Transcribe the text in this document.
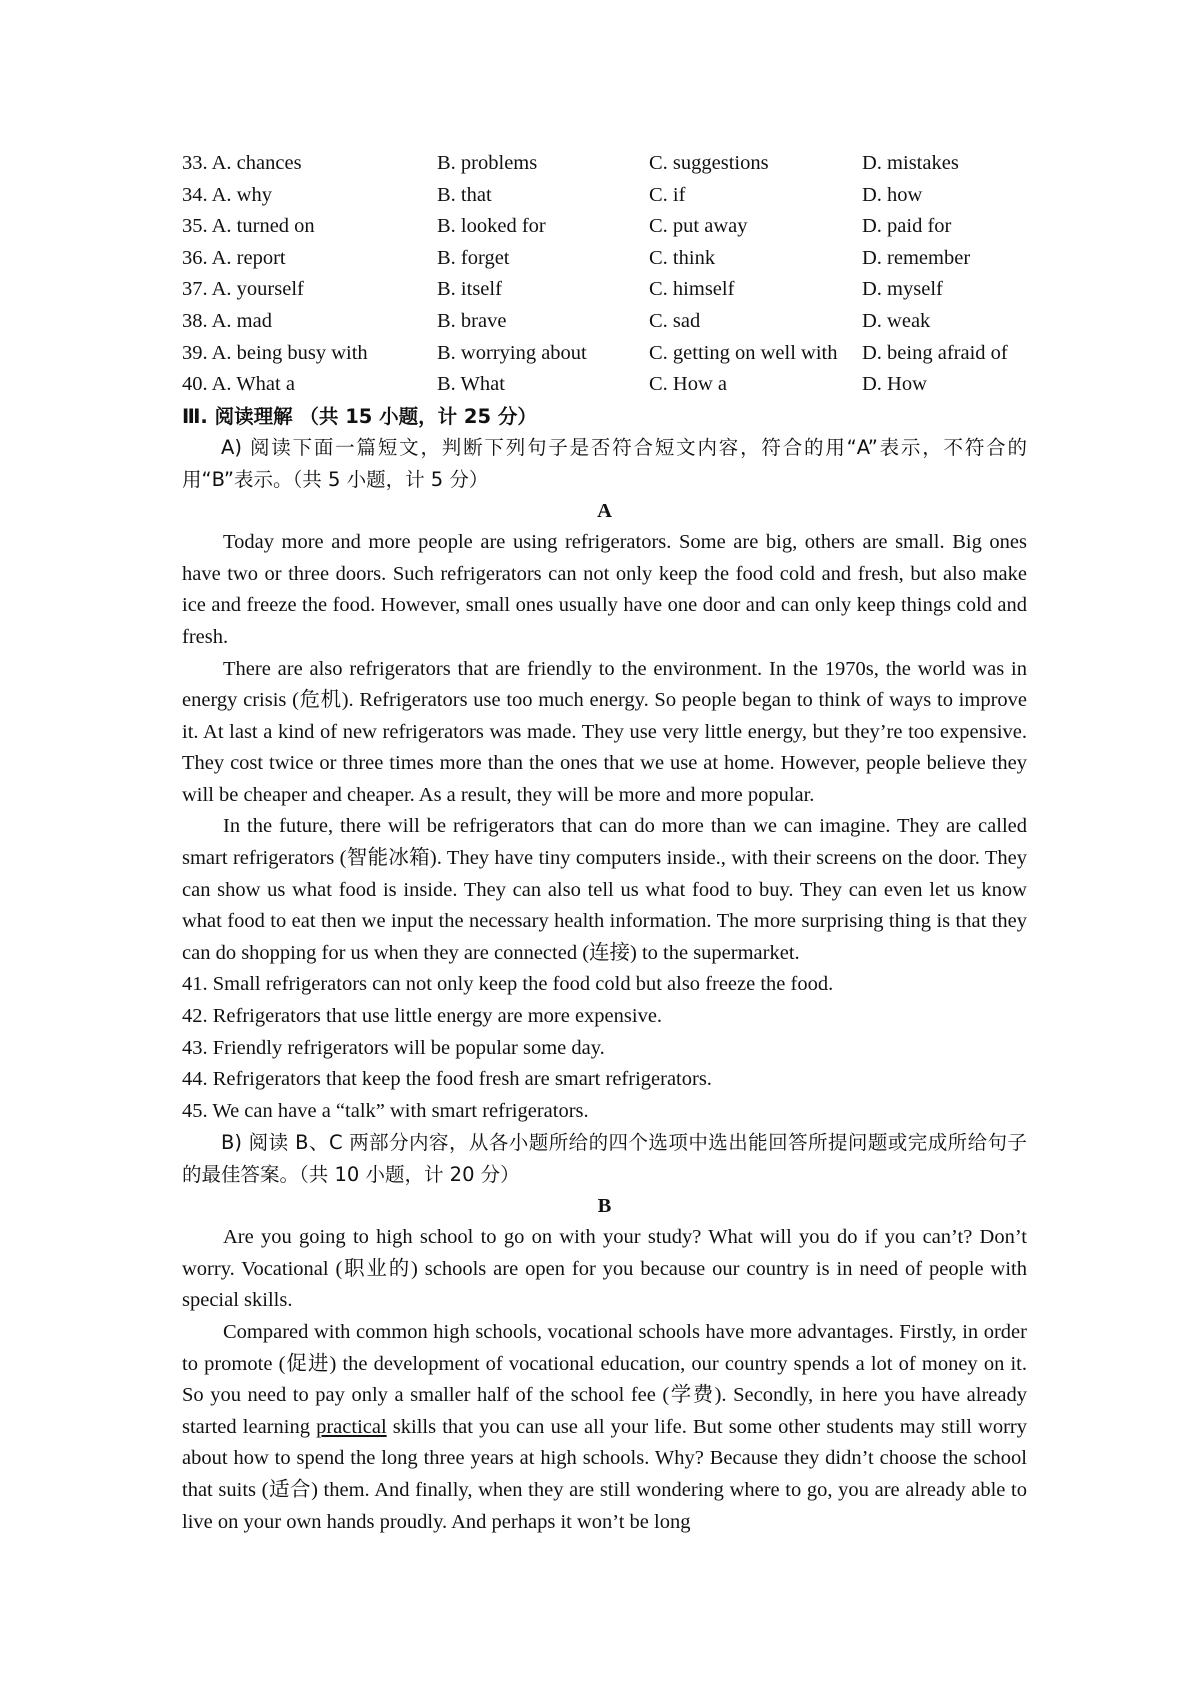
33. A. chances	B. problems	C. suggestions	D. mistakes
34. A. why	B. that	C. if	D. how
35. A. turned on	B. looked for	C. put away	D. paid for
36. A. report	B. forget	C. think	D. remember
37. A. yourself	B. itself	C. himself	D. myself
38. A. mad	B. brave	C. sad	D. weak
39. A. being busy with	B. worrying about	C. getting on well with	D. being afraid of
40. A. What a	B. What	C. How a	D. How
Ⅲ. 阅读理解 （共 15 小题，计 25 分）
A) 阅读下面一篇短文，判断下列句子是否符合短文内容，符合的用“A”表示，不符合的用“B”表示。（共 5 小题，计 5 分）
A

Today more and more people are using refrigerators. Some are big, others are small. Big ones have two or three doors. Such refrigerators can not only keep the food cold and fresh, but also make ice and freeze the food. However, small ones usually have one door and can only keep things cold and fresh.

There are also refrigerators that are friendly to the environment. In the 1970s, the world was in energy crisis (危机). Refrigerators use too much energy. So people began to think of ways to improve it. At last a kind of new refrigerators was made. They use very little energy, but they’re too expensive. They cost twice or three times more than the ones that we use at home. However, people believe they will be cheaper and cheaper. As a result, they will be more and more popular.

In the future, there will be refrigerators that can do more than we can imagine. They are called smart refrigerators (智能冰箱). They have tiny computers inside., with their screens on the door. They can show us what food is inside. They can also tell us what food to buy. They can even let us know what food to eat then we input the necessary health information. The more surprising thing is that they can do shopping for us when they are connected (连接) to the supermarket.

41. Small refrigerators can not only keep the food cold but also freeze the food.
42. Refrigerators that use little energy are more expensive.
43. Friendly refrigerators will be popular some day.
44. Refrigerators that keep the food fresh are smart refrigerators.
45. We can have a “talk” with smart refrigerators.
B) 阅读 B、C 两部分内容，从各小题所给的四个选项中选出能回答所提问题或完成所给句子的最佳答案。（共 10 小题，计 20 分）
B

Are you going to high school to go on with your study? What will you do if you can’t? Don’t worry. Vocational (职业的) schools are open for you because our country is in need of people with special skills.

Compared with common high schools, vocational schools have more advantages. Firstly, in order to promote (促进) the development of vocational education, our country spends a lot of money on it. So you need to pay only a smaller half of the school fee (学费). Secondly, in here you have already started learning practical skills that you can use all your life. But some other students may still worry about how to spend the long three years at high schools. Why? Because they didn’t choose the school that suits (适合) them. And finally, when they are still wondering where to go, you are already able to live on your own hands proudly. And perhaps it won’t be long
